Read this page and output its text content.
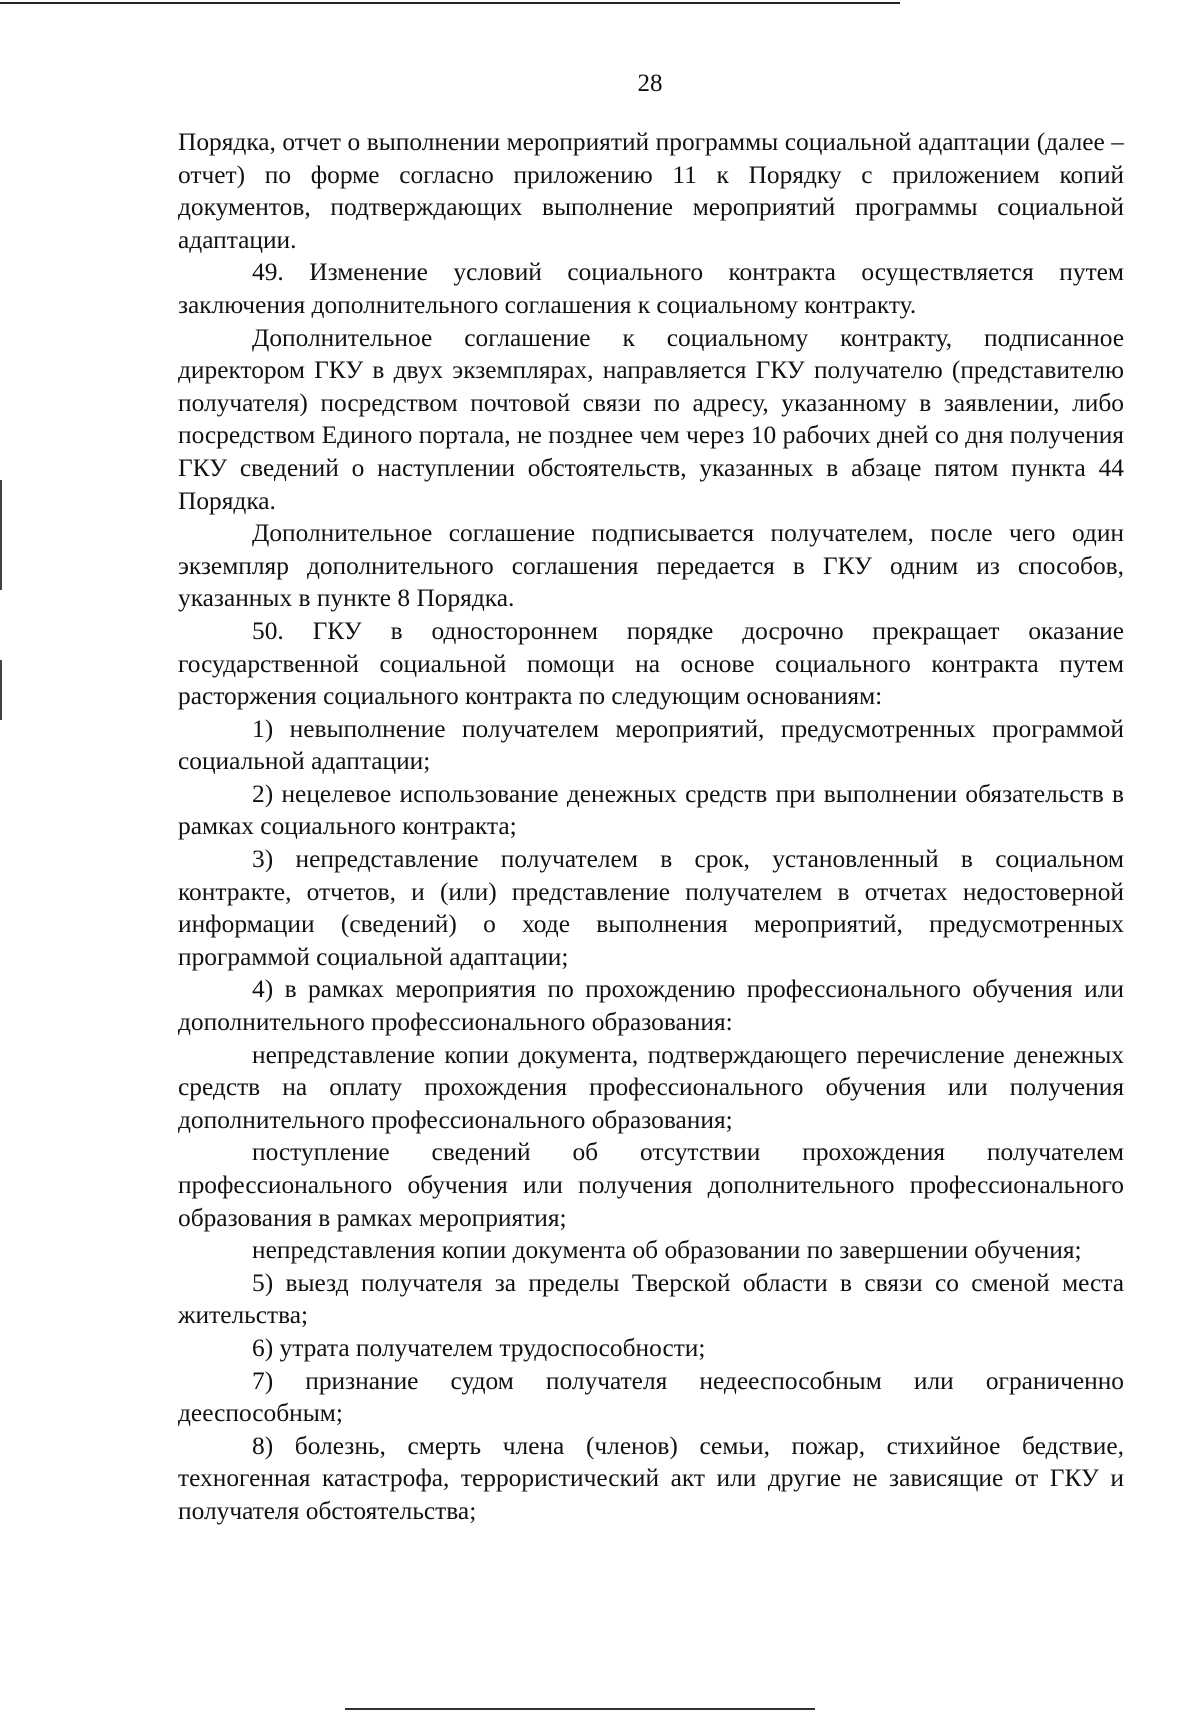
28

Порядка, отчет о выполнении мероприятий программы социальной адаптации (далее – отчет) по форме согласно приложению 11 к Порядку с приложением копий документов, подтверждающих выполнение мероприятий программы социальной адаптации.

49. Изменение условий социального контракта осуществляется путем заключения дополнительного соглашения к социальному контракту.

Дополнительное соглашение к социальному контракту, подписанное директором ГКУ в двух экземплярах, направляется ГКУ получателю (представителю получателя) посредством почтовой связи по адресу, указанному в заявлении, либо посредством Единого портала, не позднее чем через 10 рабочих дней со дня получения ГКУ сведений о наступлении обстоятельств, указанных в абзаце пятом пункта 44 Порядка.

Дополнительное соглашение подписывается получателем, после чего один экземпляр дополнительного соглашения передается в ГКУ одним из способов, указанных в пункте 8 Порядка.

50. ГКУ в одностороннем порядке досрочно прекращает оказание государственной социальной помощи на основе социального контракта путем расторжения социального контракта по следующим основаниям:

1) невыполнение получателем мероприятий, предусмотренных программой социальной адаптации;

2) нецелевое использование денежных средств при выполнении обязательств в рамках социального контракта;

3) непредставление получателем в срок, установленный в социальном контракте, отчетов, и (или) представление получателем в отчетах недостоверной информации (сведений) о ходе выполнения мероприятий, предусмотренных программой социальной адаптации;

4) в рамках мероприятия по прохождению профессионального обучения или дополнительного профессионального образования:

непредставление копии документа, подтверждающего перечисление денежных средств на оплату прохождения профессионального обучения или получения дополнительного профессионального образования;

поступление сведений об отсутствии прохождения получателем профессионального обучения или получения дополнительного профессионального образования в рамках мероприятия;

непредставления копии документа об образовании по завершении обучения;

5) выезд получателя за пределы Тверской области в связи со сменой места жительства;

6) утрата получателем трудоспособности;

7) признание судом получателя недееспособным или ограниченно дееспособным;

8) болезнь, смерть члена (членов) семьи, пожар, стихийное бедствие, техногенная катастрофа, террористический акт или другие не зависящие от ГКУ и получателя обстоятельства;
